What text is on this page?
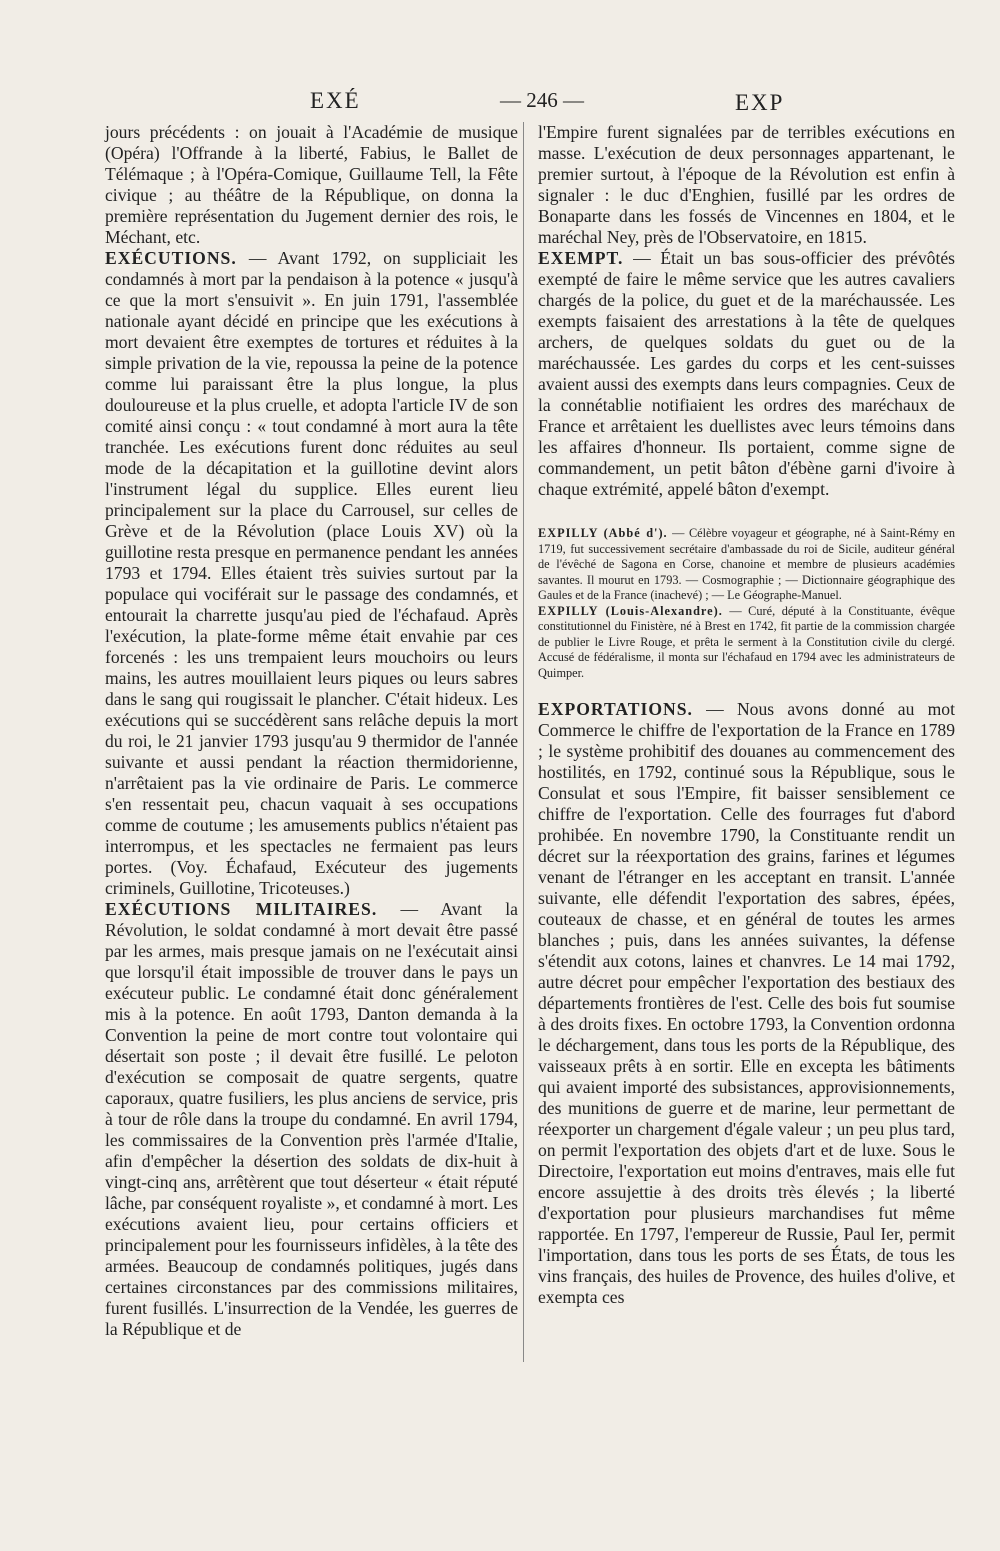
EXÉ	— 246 —	EXP

jours précédents : on jouait à l'Académie de musique (Opéra) l'Offrande à la liberté, Fabius, le Ballet de Télémaque ; à l'Opéra-Comique, Guillaume Tell, la Fête civique ; au théâtre de la République, on donna la première représentation du Jugement dernier des rois, le Méchant, etc.

EXÉCUTIONS. — Avant 1792, on suppliciait les condamnés à mort par la pendaison à la potence « jusqu'à ce que la mort s'ensuivit ». En juin 1791, l'assemblée nationale ayant décidé en principe que les exécutions à mort devaient être exemptes de tortures et réduites à la simple privation de la vie, repoussa la peine de la potence comme lui paraissant être la plus longue, la plus douloureuse et la plus cruelle, et adopta l'article IV de son comité ainsi conçu : « tout condamné à mort aura la tête tranchée. Les exécutions furent donc réduites au seul mode de la décapitation et la guillotine devint alors l'instrument légal du supplice. Elles eurent lieu principalement sur la place du Carrousel, sur celles de Grève et de la Révolution (place Louis XV) où la guillotine resta presque en permanence pendant les années 1793 et 1794. Elles étaient très suivies surtout par la populace qui vociférait sur le passage des condamnés, et entourait la charrette jusqu'au pied de l'échafaud. Après l'exécution, la plate-forme même était envahie par ces forcenés : les uns trempaient leurs mouchoirs ou leurs mains, les autres mouillaient leurs piques ou leurs sabres dans le sang qui rougissait le plancher. C'était hideux. Les exécutions qui se succédèrent sans relâche depuis la mort du roi, le 21 janvier 1793 jusqu'au 9 thermidor de l'année suivante et aussi pendant la réaction thermidorienne, n'arrêtaient pas la vie ordinaire de Paris. Le commerce s'en ressentait peu, chacun vaquait à ses occupations comme de coutume ; les amusements publics n'étaient pas interrompus, et les spectacles ne fermaient pas leurs portes. (Voy. Échafaud, Exécuteur des jugements criminels, Guillotine, Tricoteuses.)

EXÉCUTIONS MILITAIRES. — Avant la Révolution, le soldat condamné à mort devait être passé par les armes, mais presque jamais on ne l'exécutait ainsi que lorsqu'il était impossible de trouver dans le pays un exécuteur public. Le condamné était donc généralement mis à la potence. En août 1793, Danton demanda à la Convention la peine de mort contre tout volontaire qui désertait son poste ; il devait être fusillé. Le peloton d'exécution se composait de quatre sergents, quatre caporaux, quatre fusiliers, les plus anciens de service, pris à tour de rôle dans la troupe du condamné. En avril 1794, les commissaires de la Convention près l'armée d'Italie, afin d'empêcher la désertion des soldats de dix-huit à vingt-cinq ans, arrêtèrent que tout déserteur « était réputé lâche, par conséquent royaliste », et condamné à mort. Les exécutions avaient lieu, pour certains officiers et principalement pour les fournisseurs infidèles, à la tête des armées. Beaucoup de condamnés politiques, jugés dans certaines circonstances par des commissions militaires, furent fusillés. L'insurrection de la Vendée, les guerres de la République et de

l'Empire furent signalées par de terribles exécutions en masse. L'exécution de deux personnages appartenant, le premier surtout, à l'époque de la Révolution est enfin à signaler : le duc d'Enghien, fusillé par les ordres de Bonaparte dans les fossés de Vincennes en 1804, et le maréchal Ney, près de l'Observatoire, en 1815.

EXEMPT. — Était un bas sous-officier des prévôtés exempté de faire le même service que les autres cavaliers chargés de la police, du guet et de la maréchaussée. Les exempts faisaient des arrestations à la tête de quelques archers, de quelques soldats du guet ou de la maréchaussée. Les gardes du corps et les cent-suisses avaient aussi des exempts dans leurs compagnies. Ceux de la connétablie notifiaient les ordres des maréchaux de France et arrêtaient les duellistes avec leurs témoins dans les affaires d'honneur. Ils portaient, comme signe de commandement, un petit bâton d'ébène garni d'ivoire à chaque extrémité, appelé bâton d'exempt.

EXPILLY (Abbé d'). — Célèbre voyageur et géographe, né à Saint-Rémy en 1719, fut successivement secrétaire d'ambassade du roi de Sicile, auditeur général de l'évêché de Sagona en Corse, chanoine et membre de plusieurs académies savantes. Il mourut en 1793. — Cosmographie ; — Dictionnaire géographique des Gaules et de la France (inachevé) ; — Le Géographe-Manuel.

EXPILLY (Louis-Alexandre). — Curé, député à la Constituante, évêque constitutionnel du Finistère, né à Brest en 1742, fit partie de la commission chargée de publier le Livre Rouge, et prêta le serment à la Constitution civile du clergé. Accusé de fédéralisme, il monta sur l'échafaud en 1794 avec les administrateurs de Quimper.

EXPORTATIONS. — Nous avons donné au mot Commerce le chiffre de l'exportation de la France en 1789 ; le système prohibitif des douanes au commencement des hostilités, en 1792, continué sous la République, sous le Consulat et sous l'Empire, fit baisser sensiblement ce chiffre de l'exportation. Celle des fourrages fut d'abord prohibée. En novembre 1790, la Constituante rendit un décret sur la réexportation des grains, farines et légumes venant de l'étranger en les acceptant en transit. L'année suivante, elle défendit l'exportation des sabres, épées, couteaux de chasse, et en général de toutes les armes blanches ; puis, dans les années suivantes, la défense s'étendit aux cotons, laines et chanvres. Le 14 mai 1792, autre décret pour empêcher l'exportation des bestiaux des départements frontières de l'est. Celle des bois fut soumise à des droits fixes. En octobre 1793, la Convention ordonna le déchargement, dans tous les ports de la République, des vaisseaux prêts à en sortir. Elle en excepta les bâtiments qui avaient importé des subsistances, approvisionnements, des munitions de guerre et de marine, leur permettant de réexporter un chargement d'égale valeur ; un peu plus tard, on permit l'exportation des objets d'art et de luxe. Sous le Directoire, l'exportation eut moins d'entraves, mais elle fut encore assujettie à des droits très élevés ; la liberté d'exportation pour plusieurs marchandises fut même rapportée. En 1797, l'empereur de Russie, Paul Ier, permit l'importation, dans tous les ports de ses États, de tous les vins français, des huiles de Provence, des huiles d'olive, et exempta ces
